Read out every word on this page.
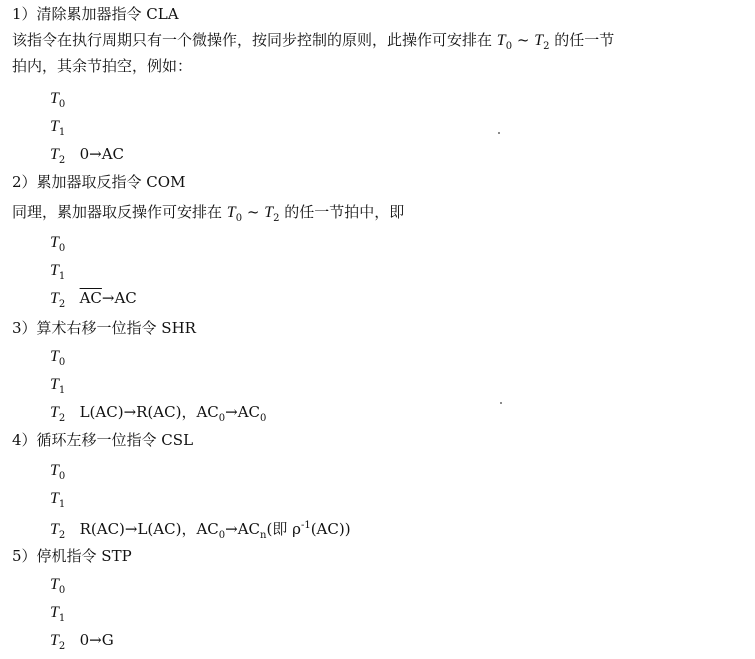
1）清除累加器指令 CLA
该指令在执行周期只有一个微操作，按同步控制的原则，此操作可安排在 $T_0$ ~ $T_2$ 的任一节
拍内，其余节拍空，例如：
$T_0$
$T_1$
$T_2$ 0→AC
2）累加器取反指令 COM
同理，累加器取反操作可安排在 $T_0$ ~ $T_2$ 的任一节拍中，即
$T_0$
$T_1$
$T_2$ $\overline{AC}\to AC$
3）算术右移一位指令 SHR
$T_0$
$T_1$
$T_2$ L(AC)→R(AC)，$AC_0\to AC_0$
4）循环左移一位指令 CSL
$T_0$
$T_1$
$T_2$ R(AC)→L(AC)，$AC_0\to AC_n$(即 $\rho^{-1}(AC)$)
5）停机指令 STP
$T_0$
$T_1$
$T_2$ 0→G
